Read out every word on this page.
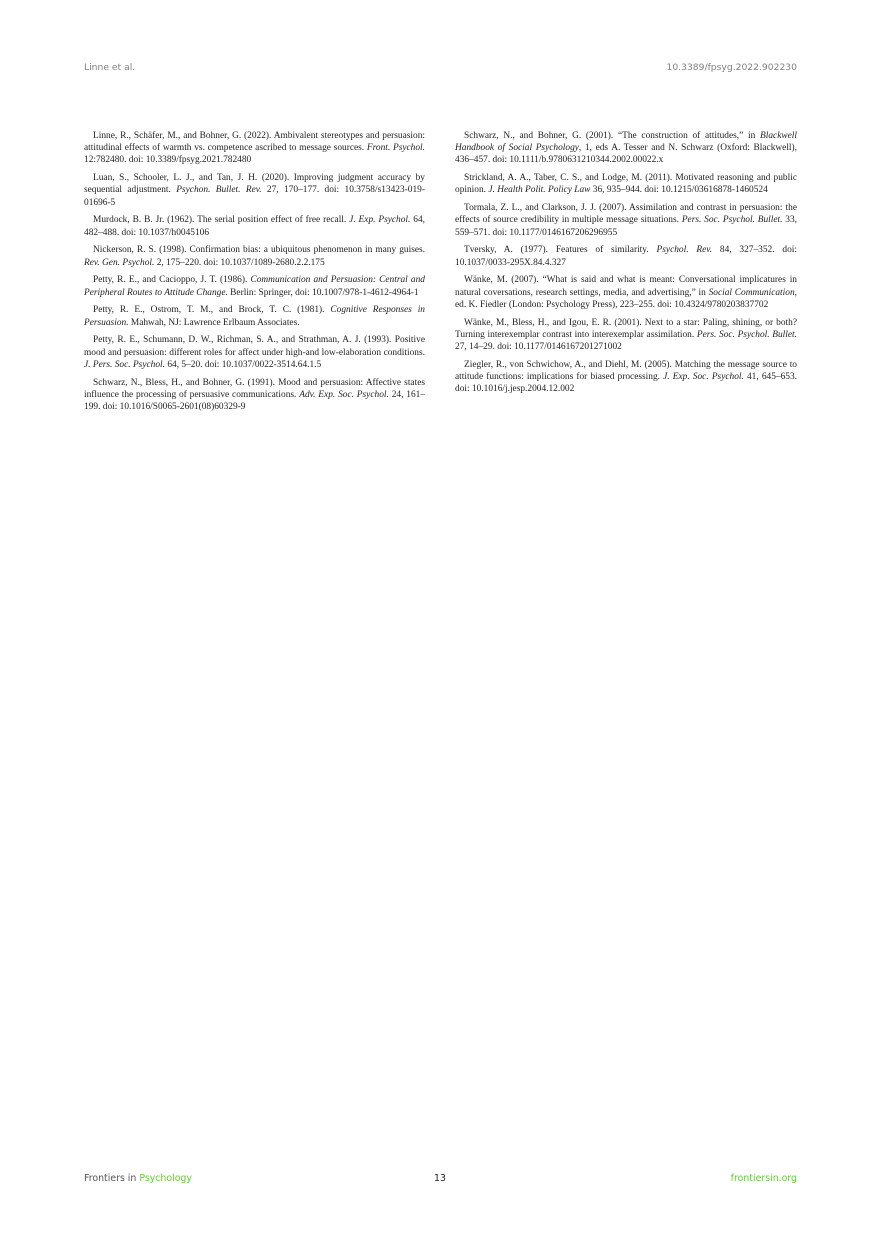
Linne et al.	10.3389/fpsyg.2022.902230

Linne, R., Schäfer, M., and Bohner, G. (2022). Ambivalent stereotypes and persuasion: attitudinal effects of warmth vs. competence ascribed to message sources. Front. Psychol. 12:782480. doi: 10.3389/fpsyg.2021.782480

Luan, S., Schooler, L. J., and Tan, J. H. (2020). Improving judgment accuracy by sequential adjustment. Psychon. Bullet. Rev. 27, 170–177. doi: 10.3758/s13423-019-01696-5

Murdock, B. B. Jr. (1962). The serial position effect of free recall. J. Exp. Psychol. 64, 482–488. doi: 10.1037/h0045106

Nickerson, R. S. (1998). Confirmation bias: a ubiquitous phenomenon in many guises. Rev. Gen. Psychol. 2, 175–220. doi: 10.1037/1089-2680.2.2.175

Petty, R. E., and Cacioppo, J. T. (1986). Communication and Persuasion: Central and Peripheral Routes to Attitude Change. Berlin: Springer, doi: 10.1007/978-1-4612-4964-1

Petty, R. E., Ostrom, T. M., and Brock, T. C. (1981). Cognitive Responses in Persuasion. Mahwah, NJ: Lawrence Erlbaum Associates.

Petty, R. E., Schumann, D. W., Richman, S. A., and Strathman, A. J. (1993). Positive mood and persuasion: different roles for affect under high-and low-elaboration conditions. J. Pers. Soc. Psychol. 64, 5–20. doi: 10.1037/0022-3514.64.1.5

Schwarz, N., Bless, H., and Bohner, G. (1991). Mood and persuasion: Affective states influence the processing of persuasive communications. Adv. Exp. Soc. Psychol. 24, 161–199. doi: 10.1016/S0065-2601(08)60329-9

Schwarz, N., and Bohner, G. (2001). “The construction of attitudes,” in Blackwell Handbook of Social Psychology, 1, eds A. Tesser and N. Schwarz (Oxford: Blackwell), 436–457. doi: 10.1111/b.9780631210344.2002.00022.x

Strickland, A. A., Taber, C. S., and Lodge, M. (2011). Motivated reasoning and public opinion. J. Health Polit. Policy Law 36, 935–944. doi: 10.1215/03616878-1460524

Tormala, Z. L., and Clarkson, J. J. (2007). Assimilation and contrast in persuasion: the effects of source credibility in multiple message situations. Pers. Soc. Psychol. Bullet. 33, 559–571. doi: 10.1177/0146167206296955

Tversky, A. (1977). Features of similarity. Psychol. Rev. 84, 327–352. doi: 10.1037/0033-295X.84.4.327

Wänke, M. (2007). “What is said and what is meant: Conversational implicatures in natural coversations, research settings, media, and advertising,” in Social Communication, ed. K. Fiedler (London: Psychology Press), 223–255. doi: 10.4324/9780203837702

Wänke, M., Bless, H., and Igou, E. R. (2001). Next to a star: Paling, shining, or both? Turning interexemplar contrast into interexemplar assimilation. Pers. Soc. Psychol. Bullet. 27, 14–29. doi: 10.1177/0146167201271002

Ziegler, R., von Schwichow, A., and Diehl, M. (2005). Matching the message source to attitude functions: implications for biased processing. J. Exp. Soc. Psychol. 41, 645–653. doi: 10.1016/j.jesp.2004.12.002

Frontiers in Psychology	13	frontiersin.org
